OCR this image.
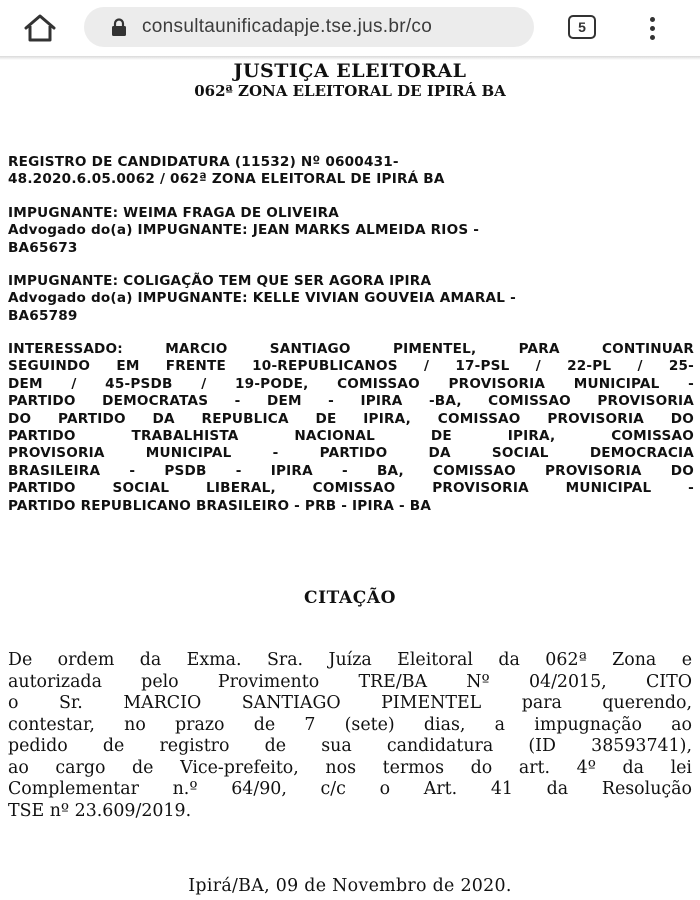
consultaunificadapje.tse.jus.br/co	5
JUSTIÇA ELEITORAL
062ª ZONA ELEITORAL DE IPIRÁ BA
REGISTRO DE CANDIDATURA (11532) Nº 0600431-
48.2020.6.05.0062 / 062ª ZONA ELEITORAL DE IPIRÁ BA
IMPUGNANTE: WEIMA FRAGA DE OLIVEIRA
Advogado do(a) IMPUGNANTE: JEAN MARKS ALMEIDA RIOS -
BA65673
IMPUGNANTE: COLIGAÇÃO TEM QUE SER AGORA IPIRA
Advogado do(a) IMPUGNANTE: KELLE VIVIAN GOUVEIA AMARAL -
BA65789
INTERESSADO: MARCIO SANTIAGO PIMENTEL, PARA CONTINUAR
SEGUINDO EM FRENTE 10-REPUBLICANOS / 17-PSL / 22-PL / 25-
DEM / 45-PSDB / 19-PODE, COMISSAO PROVISORIA MUNICIPAL -
PARTIDO DEMOCRATAS - DEM - IPIRA -BA, COMISSAO PROVISORIA
DO PARTIDO DA REPUBLICA DE IPIRA, COMISSAO PROVISORIA DO
PARTIDO TRABALHISTA NACIONAL DE IPIRA, COMISSAO
PROVISORIA MUNICIPAL - PARTIDO DA SOCIAL DEMOCRACIA
BRASILEIRA - PSDB - IPIRA - BA, COMISSAO PROVISORIA DO
PARTIDO SOCIAL LIBERAL, COMISSAO PROVISORIA MUNICIPAL -
PARTIDO REPUBLICANO BRASILEIRO - PRB - IPIRA - BA
CITAÇÃO
De ordem da Exma. Sra. Juíza Eleitoral da 062ª Zona e
autorizada pelo Provimento TRE/BA Nº 04/2015, CITO
o Sr. MARCIO SANTIAGO PIMENTEL para querendo,
contestar, no prazo de 7 (sete) dias, a impugnação ao
pedido de registro de sua candidatura (ID 38593741),
ao cargo de Vice-prefeito, nos termos do art. 4º da lei
Complementar n.º 64/90, c/c o Art. 41 da Resolução
TSE nº 23.609/2019.
Ipirá/BA, 09 de Novembro de 2020.
